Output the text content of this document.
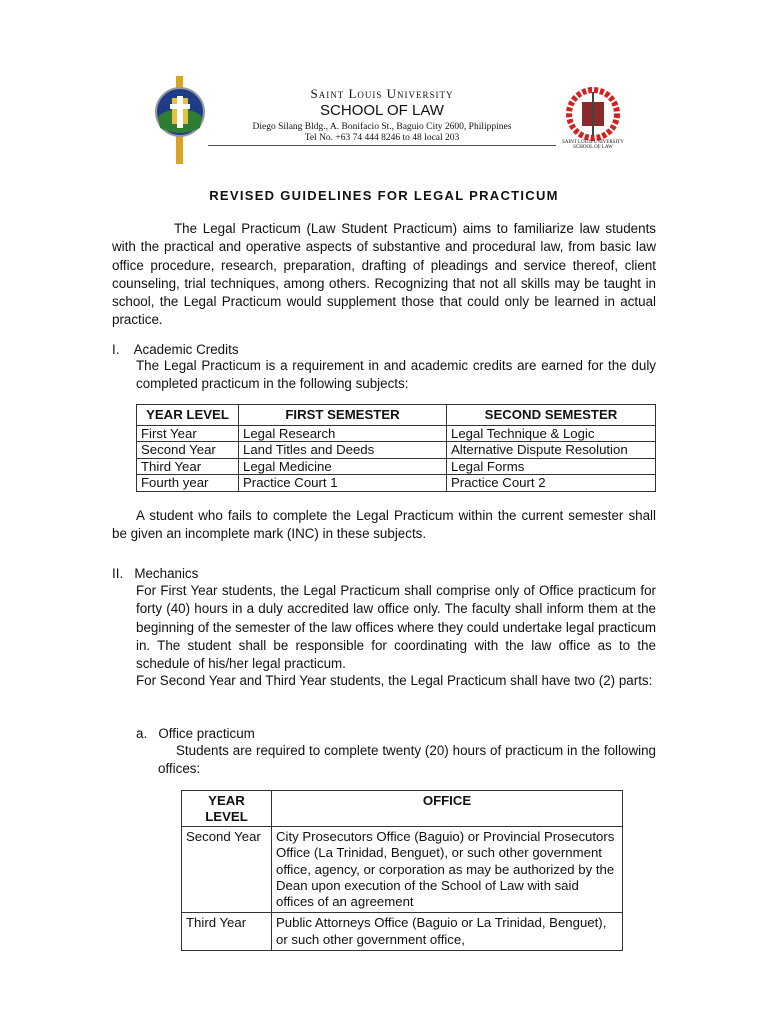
Saint Louis University
SCHOOL OF LAW
Diego Silang Bldg., A. Bonifacio St., Baguio City 2600, Philippines
Tel No. +63 74 444 8246 to 48 local 203	SAINT LOUIS UNIVERSITY SCHOOL OF LAW
REVISED GUIDELINES FOR LEGAL PRACTICUM

The Legal Practicum (Law Student Practicum) aims to familiarize law students with the practical and operative aspects of substantive and procedural law, from basic law office procedure, research, preparation, drafting of pleadings and service thereof, client counseling, trial techniques, among others. Recognizing that not all skills may be taught in school, the Legal Practicum would supplement those that could only be learned in actual practice.

I.    Academic Credits

The Legal Practicum is a requirement in and academic credits are earned for the duly completed practicum in the following subjects:

YEAR LEVEL	FIRST SEMESTER	SECOND SEMESTER
First Year	Legal Research	Legal Technique & Logic
Second Year	Land Titles and Deeds	Alternative Dispute Resolution
Third Year	Legal Medicine	Legal Forms
Fourth year	Practice Court 1	Practice Court 2

A student who fails to complete the Legal Practicum within the current semester shall be given an incomplete mark (INC) in these subjects.

II.   Mechanics

For First Year students, the Legal Practicum shall comprise only of Office practicum for forty (40) hours in a duly accredited law office only. The faculty shall inform them at the beginning of the semester of the law offices where they could undertake legal practicum in. The student shall be responsible for coordinating with the law office as to the schedule of his/her legal practicum.

For Second Year and Third Year students, the Legal Practicum shall have two (2) parts:

a.   Office practicum

Students are required to complete twenty (20) hours of practicum in the following offices:

YEAR LEVEL	OFFICE
Second Year	City Prosecutors Office (Baguio) or Provincial Prosecutors Office (La Trinidad, Benguet), or such other government office, agency, or corporation as may be authorized by the Dean upon execution of the School of Law with said offices of an agreement
Third Year	Public Attorneys Office (Baguio or La Trinidad, Benguet), or such other government office,
